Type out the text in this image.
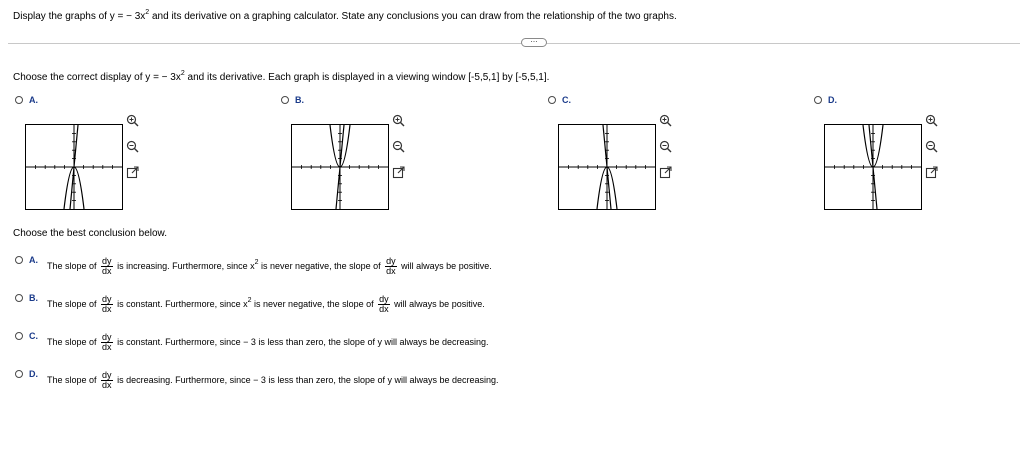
Display the graphs of y = − $3x^2$ and its derivative on a graphing calculator. State any conclusions you can draw from the relationship of the two graphs.
⋯
Choose the correct display of y = − $3x^2$ and its derivative. Each graph is displayed in a viewing window [-5,5,1] by [-5,5,1].
A.	B.	C.	D.
Choose the best conclusion below.
A.
The slope of $\frac{dy}{dx}$ is increasing. Furthermore, since $x^2$ is never negative, the slope of $\frac{dy}{dx}$ will always be positive.
B.
The slope of $\frac{dy}{dx}$ is constant. Furthermore, since $x^2$ is never negative, the slope of $\frac{dy}{dx}$ will always be positive.
C.
The slope of $\frac{dy}{dx}$ is constant. Furthermore, since − 3 is less than zero, the slope of y will always be decreasing.
D.
The slope of $\frac{dy}{dx}$ is decreasing. Furthermore, since − 3 is less than zero, the slope of y will always be decreasing.
